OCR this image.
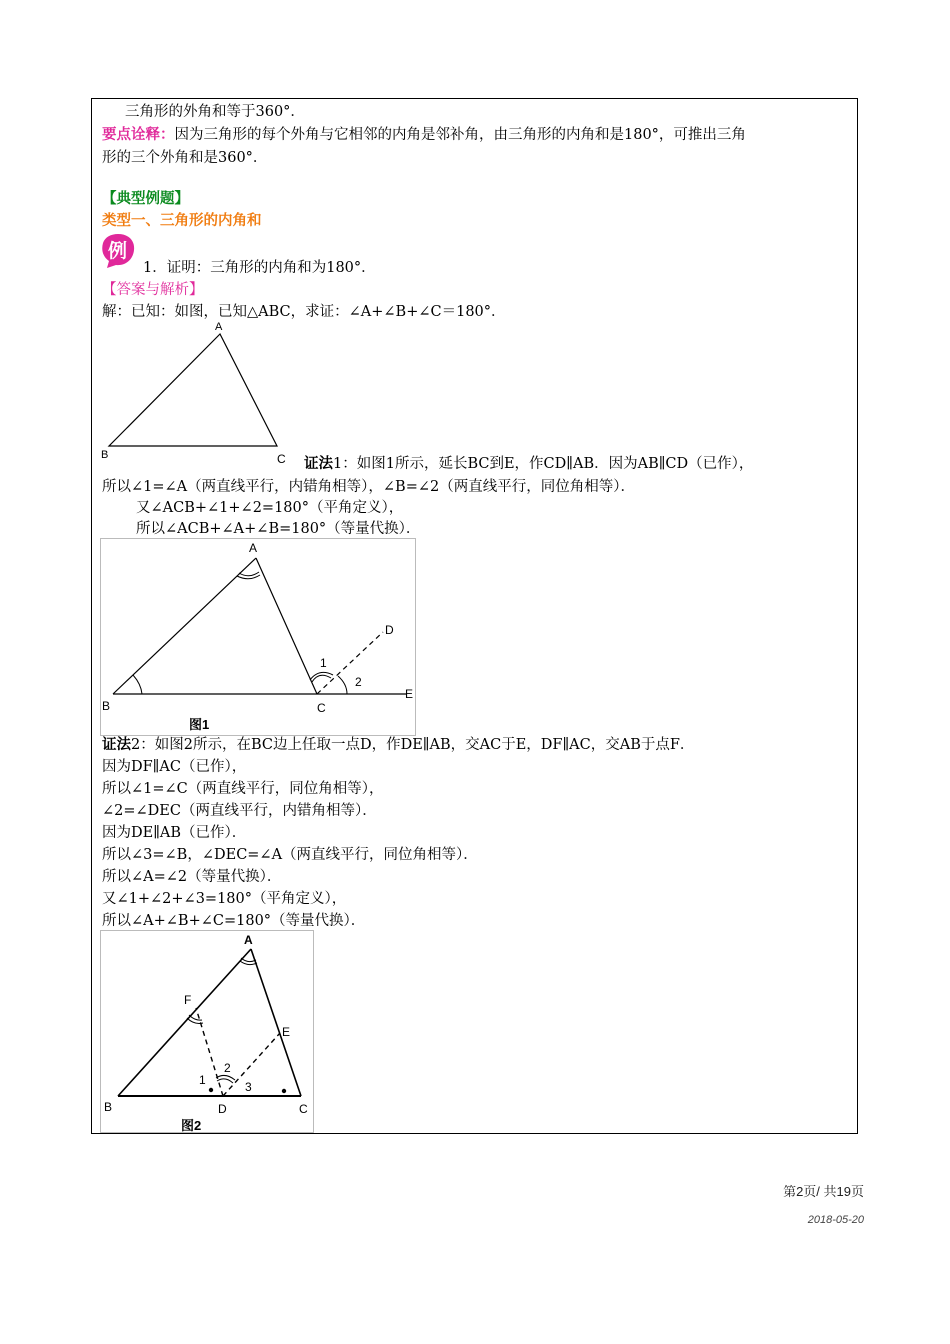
三角形的外角和等于360°．
要点诠释：因为三角形的每个外角与它相邻的内角是邻补角，由三角形的内角和是180°，可推出三角
形的三个外角和是360°．
【典型例题】
类型一、三角形的内角和
例
1．证明：三角形的内角和为180°．
【答案与解析】
解：已知：如图，已知△ABC，求证：∠A+∠B+∠C＝180°．
A
B	C 证法1：如图1所示，延长BC到E，作CD∥AB．因为AB∥CD（已作），
所以∠1=∠A（两直线平行，内错角相等），∠B=∠2（两直线平行，同位角相等）．
又∠ACB+∠1+∠2=180°（平角定义），
所以∠ACB+∠A+∠B=180°（等量代换）．
A
B	C
D
E
1
2
图1
证法2：如图2所示，在BC边上任取一点D，作DE∥AB，交AC于E，DF∥AC，交AB于点F．
因为DF∥AC（已作），
所以∠1=∠C（两直线平行，同位角相等），
∠2=∠DEC（两直线平行，内错角相等）．
因为DE∥AB（已作）．
所以∠3=∠B，∠DEC=∠A（两直线平行，同位角相等）．
所以∠A=∠2（等量代换）．
又∠1+∠2+∠3=180°（平角定义），
所以∠A+∠B+∠C=180°（等量代换）．
A
B	C
D
E
F
1
2
3
图2
第2页/ 共19页
2018-05-20
